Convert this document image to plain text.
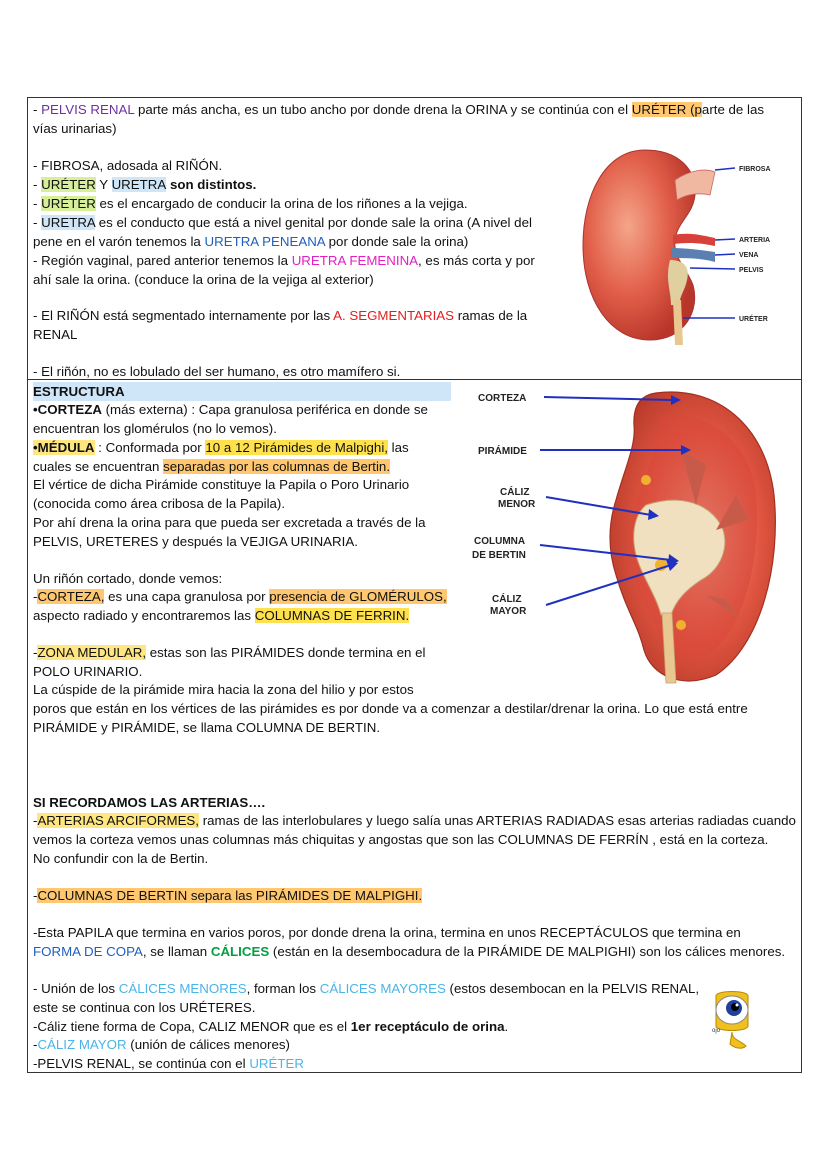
- PELVIS RENAL parte más ancha, es un tubo ancho por donde drena la ORINA y se continúa con el URÉTER (parte de las
vías urinarias)
- FIBROSA, adosada al RIÑÓN.
- URÉTER Y URETRA son distintos.
- URÉTER es el encargado de conducir la orina de los riñones a la vejiga.
- URETRA es el conducto que está a nivel genital por donde sale la orina (A nivel del
pene en el varón tenemos la URETRA PENEANA por donde sale la orina)
- Región vaginal, pared anterior tenemos la URETRA FEMENINA, es más corta y por
ahí sale la orina. (conduce la orina de la vejiga al exterior)
- El RIÑÓN está segmentado internamente por las A. SEGMENTARIAS ramas de la
RENAL
- El riñón, no es lobulado del ser humano, es otro mamífero si.
FIBROSA
ARTERIA
VENA
PELVIS
URÉTER
ESTRUCTURA
•CORTEZA (más externa) : Capa granulosa periférica en donde se
encuentran los glomérulos (no lo vemos).
•MÉDULA : Conformada por 10 a 12 Pirámides de Malpighi, las
cuales se encuentran separadas por las columnas de Bertin.
El vértice de dicha Pirámide constituye la Papila o Poro Urinario
(conocida como área cribosa de la Papila).
Por ahí drena la orina para que pueda ser excretada a través de la
PELVIS, URETERES y después la VEJIGA URINARIA.
Un riñón cortado, donde vemos:
-CORTEZA, es una capa granulosa por presencia de GLOMÉRULOS,
aspecto radiado y encontraremos las COLUMNAS DE FERRIN.
-ZONA MEDULAR, estas son las PIRÁMIDES donde termina en el
POLO URINARIO.
La cúspide de la pirámide mira hacia la zona del hilio y por estos
poros que están en los vértices de las pirámides es por donde va a comenzar a destilar/drenar la orina. Lo que está entre
PIRÁMIDE y PIRÁMIDE, se llama COLUMNA DE BERTIN.
SI RECORDAMOS LAS ARTERIAS….
-ARTERIAS ARCIFORMES, ramas de las interlobulares y luego salía unas ARTERIAS RADIADAS esas arterias radiadas cuando
vemos la corteza vemos unas columnas más chiquitas y angostas que son las COLUMNAS DE FERRÍN , está en la corteza.
No confundir con la de Bertin.
-COLUMNAS DE BERTIN separa las PIRÁMIDES DE MALPIGHI.
-Esta PAPILA que termina en varios poros, por donde drena la orina, termina en unos RECEPTÁCULOS que termina en
FORMA DE COPA, se llaman CÁLICES (están en la desembocadura de la PIRÁMIDE DE MALPIGHI) son los cálices menores.
- Unión de los CÁLICES MENORES, forman los CÁLICES MAYORES (estos desembocan en la PELVIS RENAL,
este se continua con los URÉTERES.
-Cáliz tiene forma de Copa, CALIZ MENOR que es el 1er receptáculo de orina.
-CÁLIZ MAYOR (unión de cálices menores)
-PELVIS RENAL, se continúa con el URÉTER
CORTEZA
PIRÁMIDE
CÁLIZ
MENOR
COLUMNA
DE BERTIN
CÁLIZ
MAYOR
ojo
